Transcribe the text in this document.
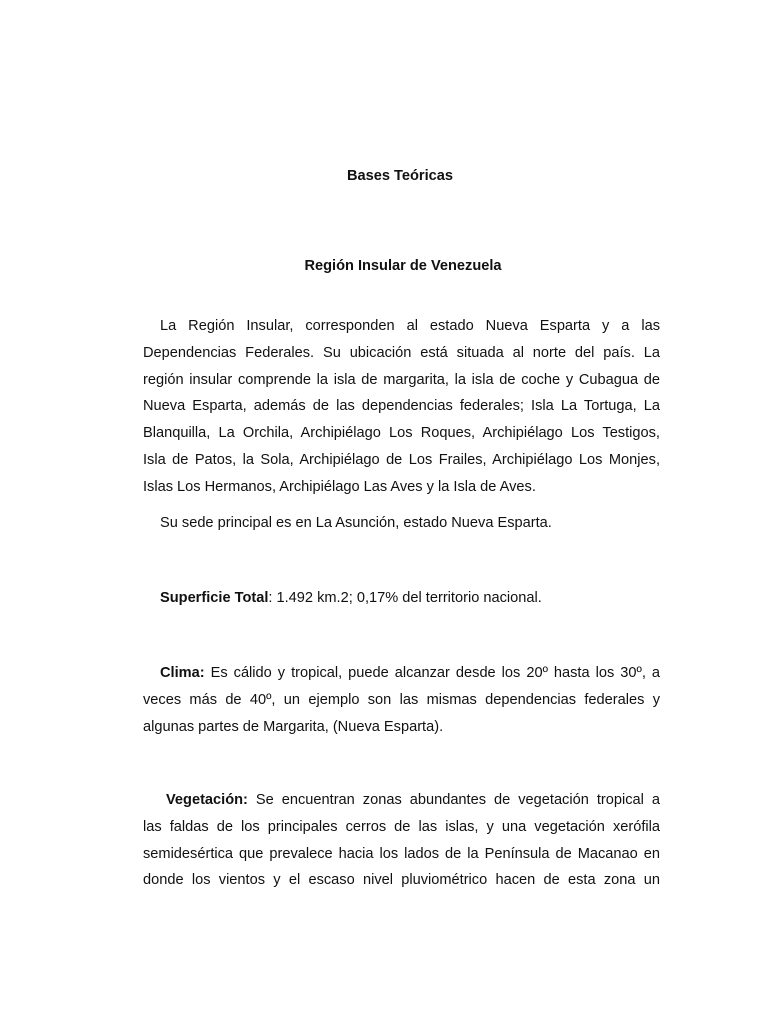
Bases Teóricas
Región Insular de Venezuela
La Región Insular, corresponden al estado Nueva Esparta y a las
Dependencias Federales. Su ubicación está situada al norte del país. La
región insular comprende la isla de margarita, la isla de coche y Cubagua de
Nueva Esparta, además de las dependencias federales; Isla La Tortuga, La
Blanquilla, La Orchila, Archipiélago Los Roques, Archipiélago Los Testigos,
Isla de Patos, la Sola, Archipiélago de Los Frailes, Archipiélago Los Monjes,
Islas Los Hermanos, Archipiélago Las Aves y la Isla de Aves.
Su sede principal es en La Asunción, estado Nueva Esparta.
Superficie Total: 1.492 km.2; 0,17% del territorio nacional.
Clima: Es cálido y tropical, puede alcanzar desde los 20º hasta los 30º, a
veces más de 40º, un ejemplo son las mismas dependencias federales y
algunas partes de Margarita, (Nueva Esparta).
Vegetación: Se encuentran zonas abundantes de vegetación tropical a
las faldas de los principales cerros de las islas, y una vegetación xerófila
semidesértica que prevalece hacia los lados de la Península de Macanao en
donde los vientos y el escaso nivel pluviométrico hacen de esta zona un
